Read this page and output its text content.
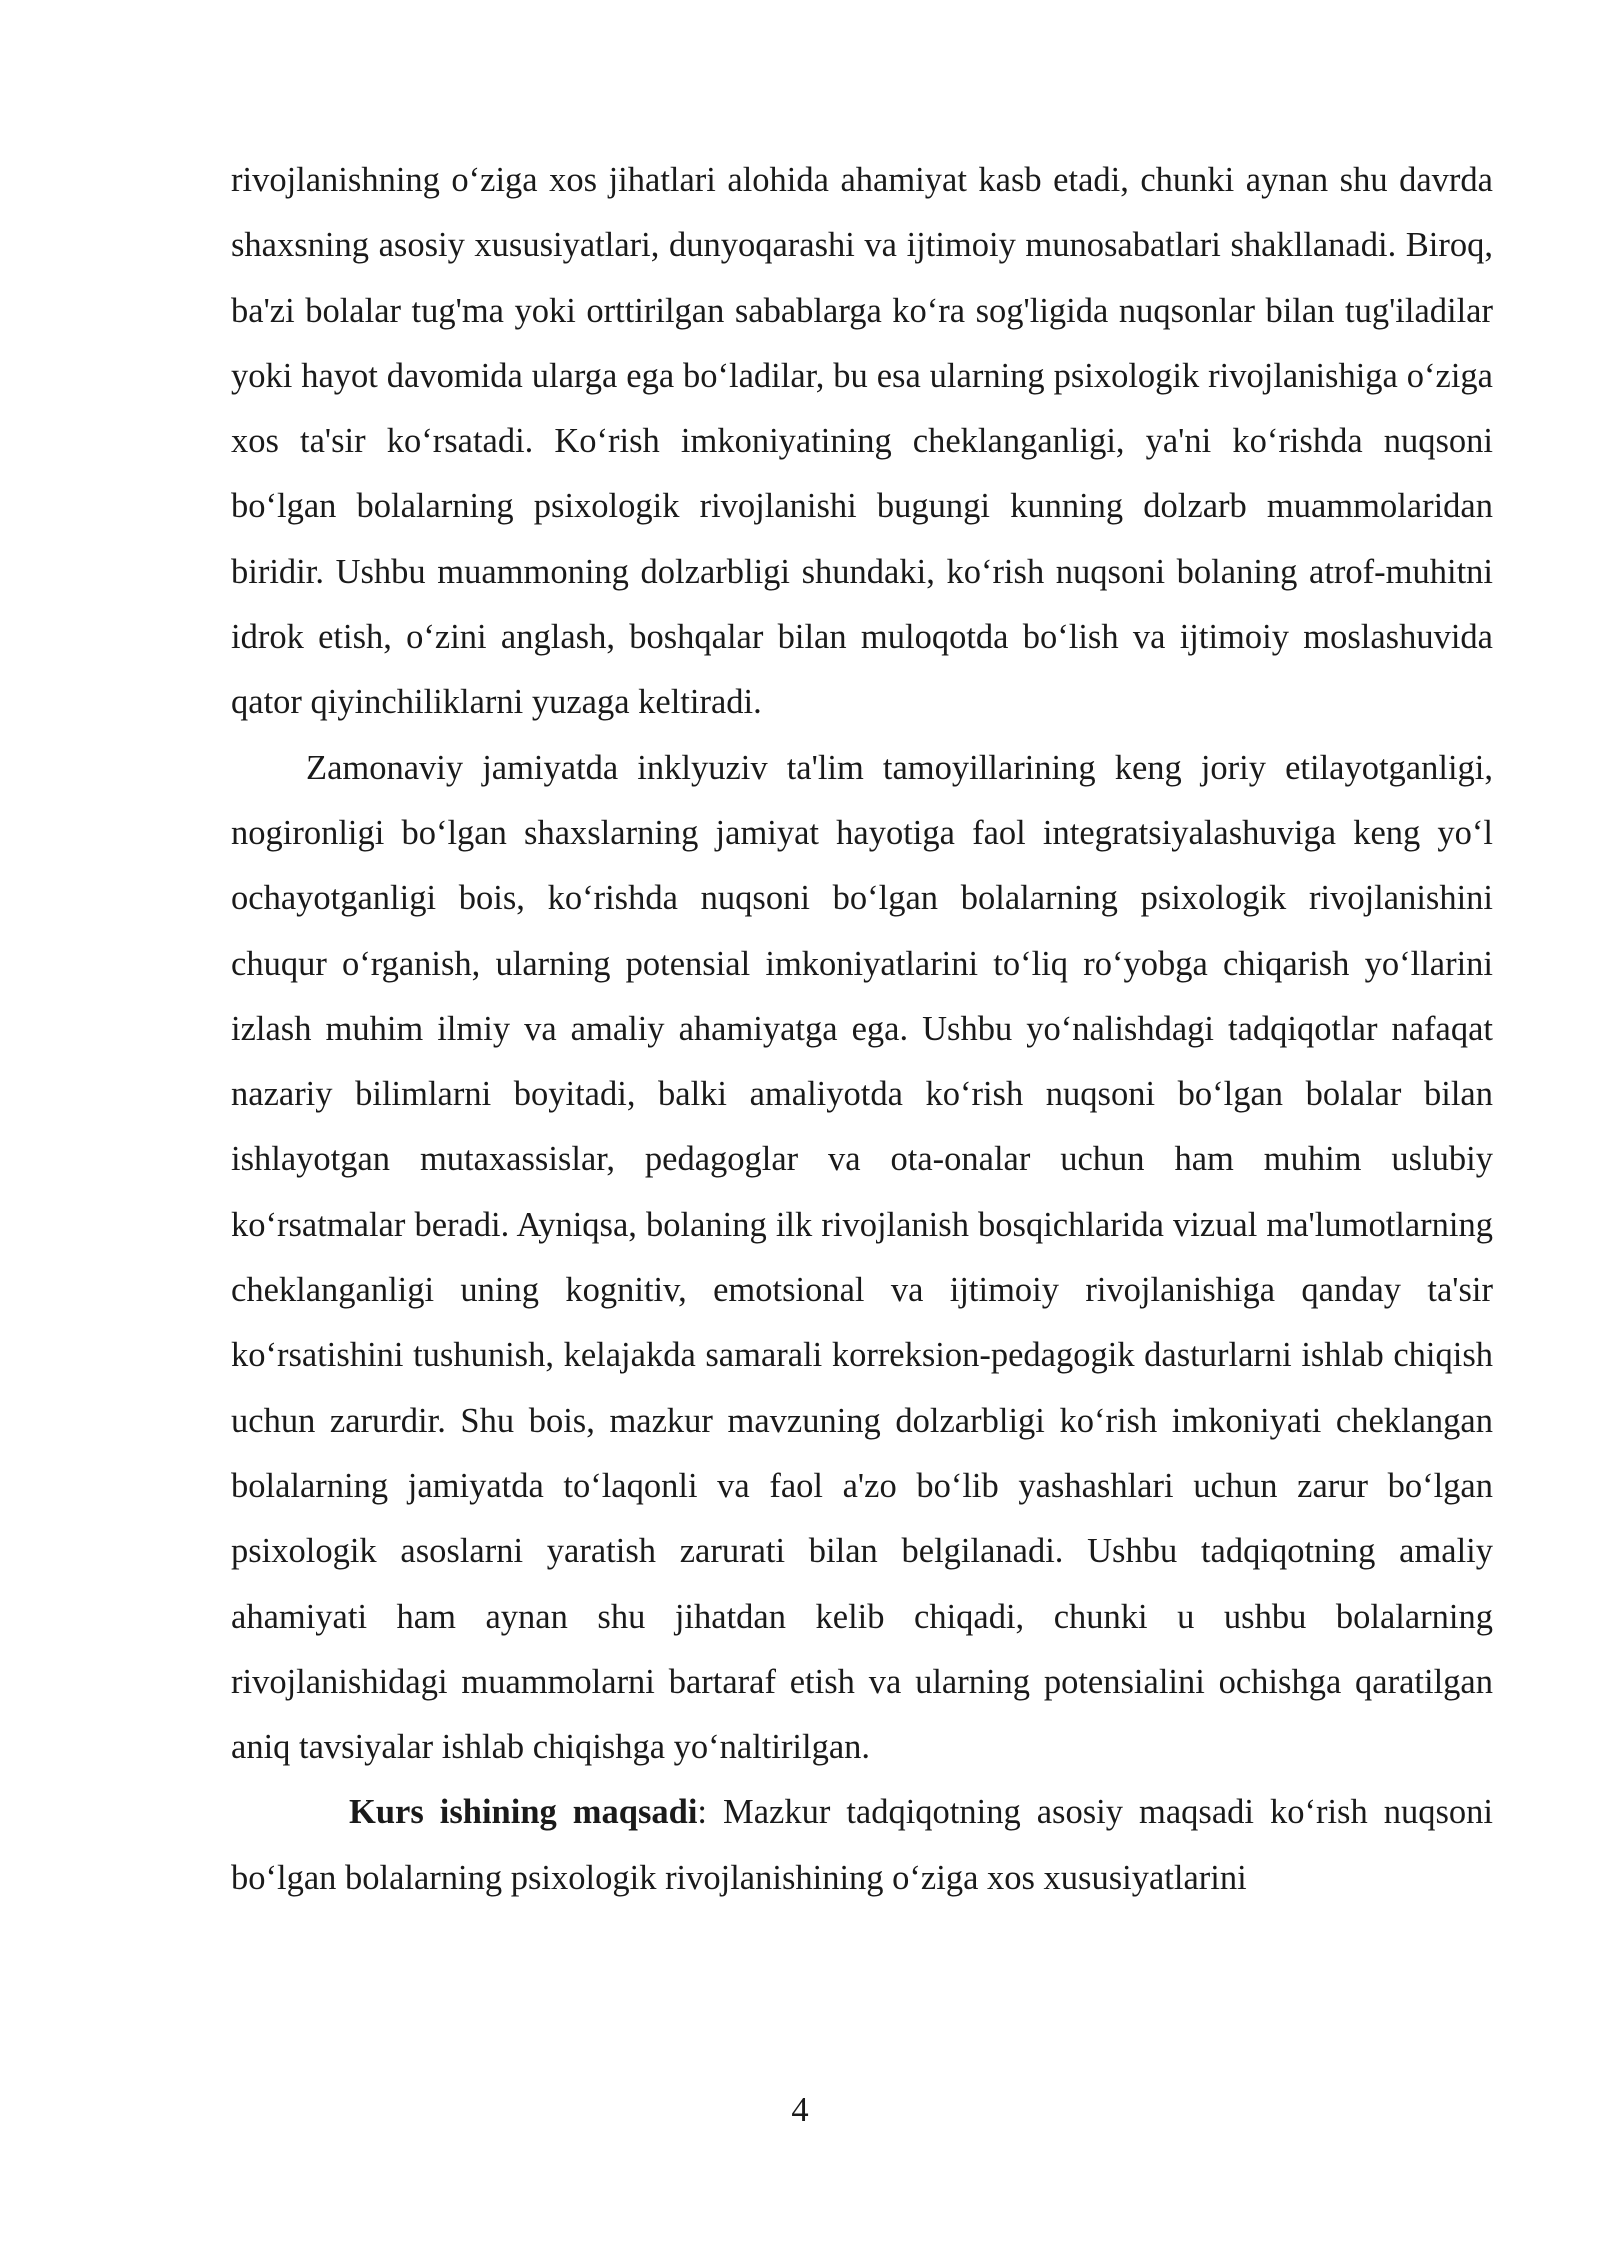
rivojlanishning o‘ziga xos jihatlari alohida ahamiyat kasb etadi, chunki aynan shu davrda shaxsning asosiy xususiyatlari, dunyoqarashi va ijtimoiy munosabatlari shakllanadi. Biroq, ba'zi bolalar tug'ma yoki orttirilgan sabablarga ko‘ra sog'ligida nuqsonlar bilan tug'iladilar yoki hayot davomida ularga ega bo‘ladilar, bu esa ularning psixologik rivojlanishiga o‘ziga xos ta'sir ko‘rsatadi. Ko‘rish imkoniyatining cheklanganligi, ya'ni ko‘rishda nuqsoni bo‘lgan bolalarning psixologik rivojlanishi bugungi kunning dolzarb muammolaridan biridir. Ushbu muammoning dolzarbligi shundaki, ko‘rish nuqsoni bolaning atrof-muhitni idrok etish, o‘zini anglash, boshqalar bilan muloqotda bo‘lish va ijtimoiy moslashuvida qator qiyinchiliklarni yuzaga keltiradi.

Zamonaviy jamiyatda inklyuziv ta'lim tamoyillarining keng joriy etilayotganligi, nogironligi bo‘lgan shaxslarning jamiyat hayotiga faol integratsiyalashuviga keng yo‘l ochayotganligi bois, ko‘rishda nuqsoni bo‘lgan bolalarning psixologik rivojlanishini chuqur o‘rganish, ularning potensial imkoniyatlarini to‘liq ro‘yobga chiqarish yo‘llarini izlash muhim ilmiy va amaliy ahamiyatga ega. Ushbu yo‘nalishdagi tadqiqotlar nafaqat nazariy bilimlarni boyitadi, balki amaliyotda ko‘rish nuqsoni bo‘lgan bolalar bilan ishlayotgan mutaxassislar, pedagoglar va ota-onalar uchun ham muhim uslubiy ko‘rsatmalar beradi. Ayniqsa, bolaning ilk rivojlanish bosqichlarida vizual ma'lumotlarning cheklanganligi uning kognitiv, emotsional va ijtimoiy rivojlanishiga qanday ta'sir ko‘rsatishini tushunish, kelajakda samarali korreksion-pedagogik dasturlarni ishlab chiqish uchun zarurdir. Shu bois, mazkur mavzuning dolzarbligi ko‘rish imkoniyati cheklangan bolalarning jamiyatda to‘laqonli va faol a'zo bo‘lib yashashlari uchun zarur bo‘lgan psixologik asoslarni yaratish zarurati bilan belgilanadi. Ushbu tadqiqotning amaliy ahamiyati ham aynan shu jihatdan kelib chiqadi, chunki u ushbu bolalarning rivojlanishidagi muammolarni bartaraf etish va ularning potensialini ochishga qaratilgan aniq tavsiyalar ishlab chiqishga yo‘naltirilgan.

Kurs ishining maqsadi: Mazkur tadqiqotning asosiy maqsadi ko‘rish nuqsoni bo‘lgan bolalarning psixologik rivojlanishining o‘ziga xos xususiyatlarini

4
